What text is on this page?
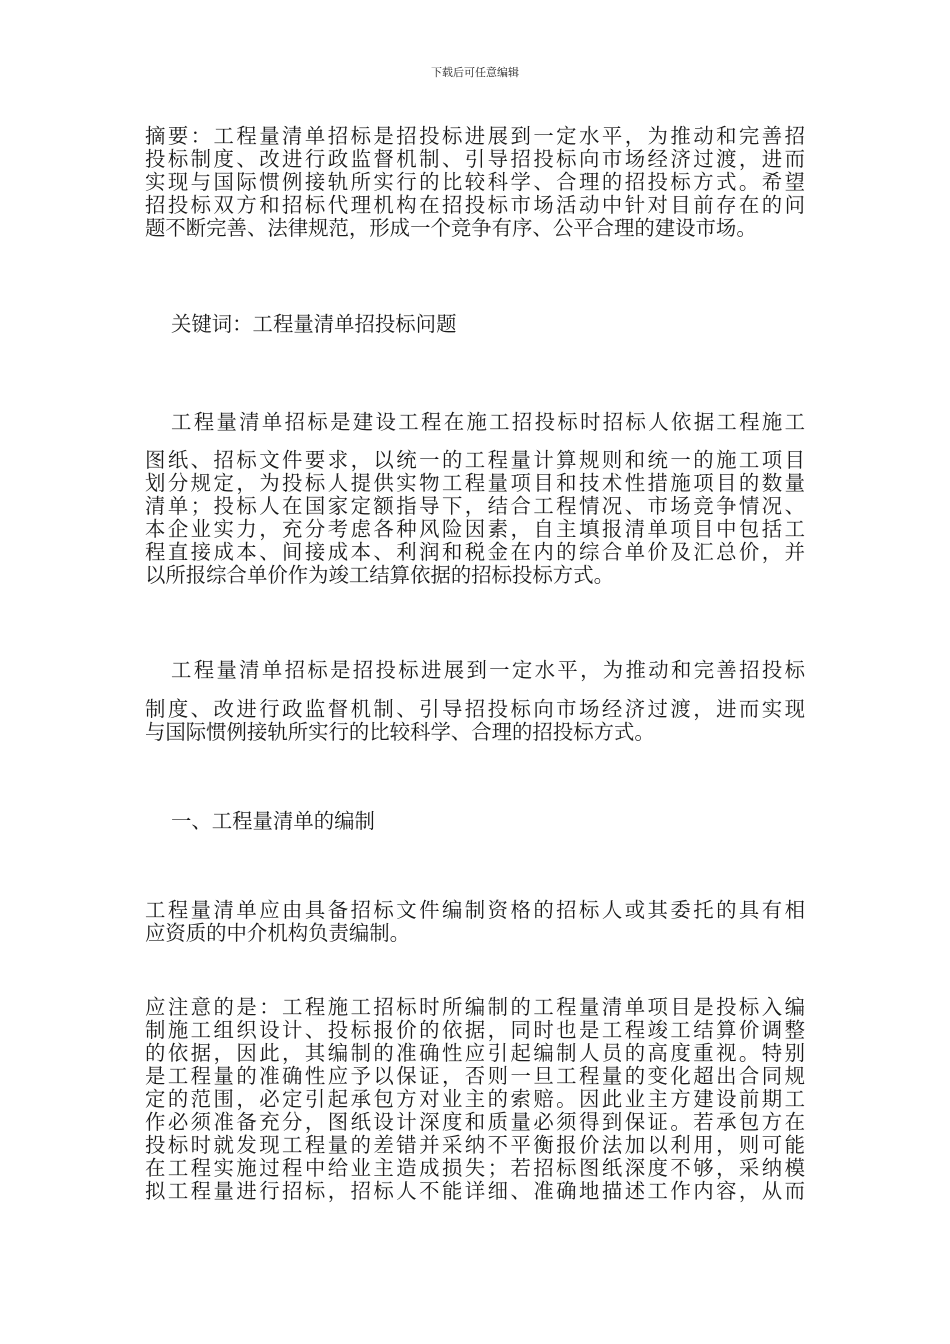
下载后可任意编辑
摘要：工程量清单招标是招投标进展到一定水平，为推动和完善招
投标制度、改进行政监督机制、引导招投标向市场经济过渡，进而
实现与国际惯例接轨所实行的比较科学、合理的招投标方式。希望
招投标双方和招标代理机构在招投标市场活动中针对目前存在的问
题不断完善、法律规范，形成一个竞争有序、公平合理的建设市场。
关键词：工程量清单招投标问题
工程量清单招标是建设工程在施工招投标时招标人依据工程施工
图纸、招标文件要求，以统一的工程量计算规则和统一的施工项目
划分规定，为投标人提供实物工程量项目和技术性措施项目的数量
清单；投标人在国家定额指导下，结合工程情况、市场竞争情况、
本企业实力，充分考虑各种风险因素，自主填报清单项目中包括工
程直接成本、间接成本、利润和税金在内的综合单价及汇总价，并
以所报综合单价作为竣工结算依据的招标投标方式。
工程量清单招标是招投标进展到一定水平，为推动和完善招投标
制度、改进行政监督机制、引导招投标向市场经济过渡，进而实现
与国际惯例接轨所实行的比较科学、合理的招投标方式。
一、工程量清单的编制
工程量清单应由具备招标文件编制资格的招标人或其委托的具有相
应资质的中介机构负责编制。
应注意的是：工程施工招标时所编制的工程量清单项目是投标入编
制施工组织设计、投标报价的依据，同时也是工程竣工结算价调整
的依据，因此，其编制的准确性应引起编制人员的高度重视。特别
是工程量的准确性应予以保证，否则一旦工程量的变化超出合同规
定的范围，必定引起承包方对业主的索赔。因此业主方建设前期工
作必须准备充分，图纸设计深度和质量必须得到保证。若承包方在
投标时就发现工程量的差错并采纳不平衡报价法加以利用，则可能
在工程实施过程中给业主造成损失；若招标图纸深度不够，采纳模
拟工程量进行招标，招标人不能详细、准确地描述工作内容，从而
